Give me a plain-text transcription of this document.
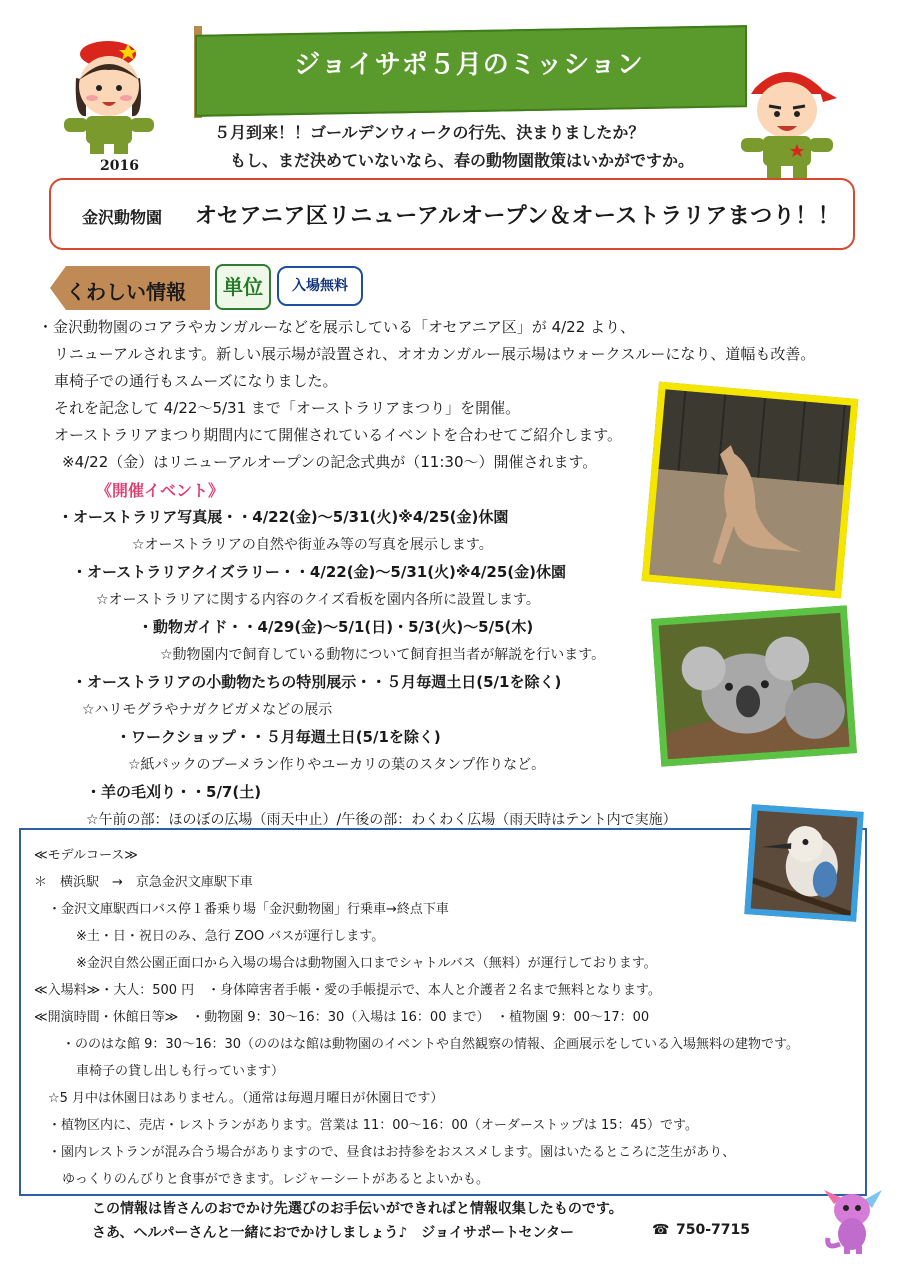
ジョイサポ５月のミッション
５月到来！！ゴールデンウィークの行先、決まりましたか？
もし、まだ決めていないなら、春の動物園散策はいかがですか。
2016
金沢動物園 オセアニア区リニューアルオープン＆オーストラリアまつり！！
くわしい情報	単位	入場無料
・金沢動物園のコアラやカンガルーなどを展示している「オセアニア区」が 4/22 より、
リニューアルされます。新しい展示場が設置され、オオカンガルー展示場はウォークスルーになり、道幅も改善。
車椅子での通行もスムーズになりました。
それを記念して 4/22～5/31 まで「オーストラリアまつり」を開催。
オーストラリアまつり期間内にて開催されているイベントを合わせてご紹介します。
※4/22（金）はリニューアルオープンの記念式典が（11:30～）開催されます。
《開催イベント》
・オーストラリア写真展・・4/22(金)～5/31(火)※4/25(金)休園
☆オーストラリアの自然や街並み等の写真を展示します。
・オーストラリアクイズラリー・・4/22(金)～5/31(火)※4/25(金)休園
☆オーストラリアに関する内容のクイズ看板を園内各所に設置します。
・動物ガイド・・4/29(金)～5/1(日)・5/3(火)～5/5(木)
☆動物園内で飼育している動物について飼育担当者が解説を行います。
・オーストラリアの小動物たちの特別展示・・５月毎週土日(5/1を除く)
☆ハリモグラやナガクビガメなどの展示
・ワークショップ・・５月毎週土日(5/1を除く)
☆紙パックのブーメラン作りやユーカリの葉のスタンプ作りなど。
・羊の毛刈り・・5/7(土)
☆午前の部：ほのぼの広場（雨天中止）/午後の部：わくわく広場（雨天時はテント内で実施）
≪モデルコース≫
＊　横浜駅　→　京急金沢文庫駅下車
・金沢文庫駅西口バス停１番乗り場「金沢動物園」行乗車→終点下車
※土・日・祝日のみ、急行 ZOO バスが運行します。
※金沢自然公園正面口から入場の場合は動物園入口までシャトルバス（無料）が運行しております。
≪入場料≫・大人：500 円　・身体障害者手帳・愛の手帳提示で、本人と介護者２名まで無料となります。
≪開演時間・休館日等≫　・動物園 9：30～16：30（入場は 16：00 まで）　・植物園 9：00～17：00
・ののはな館 9：30～16：30（ののはな館は動物園のイベントや自然観察の情報、企画展示をしている入場無料の建物です。
車椅子の貸し出しも行っています）
☆5 月中は休園日はありません。（通常は毎週月曜日が休園日です）
・植物区内に、売店・レストランがあります。営業は 11：00～16：00（オーダーストップは 15：45）です。
・園内レストランが混み合う場合がありますので、昼食はお持参をおススメします。園はいたるところに芝生があり、
ゆっくりのんびりと食事ができます。レジャーシートがあるとよいかも。
この情報は皆さんのおでかけ先選びのお手伝いができればと情報収集したものです。
さあ、ヘルパーさんと一緒におでかけしましょう♪　ジョイサポートセンター	☎ 750-7715
